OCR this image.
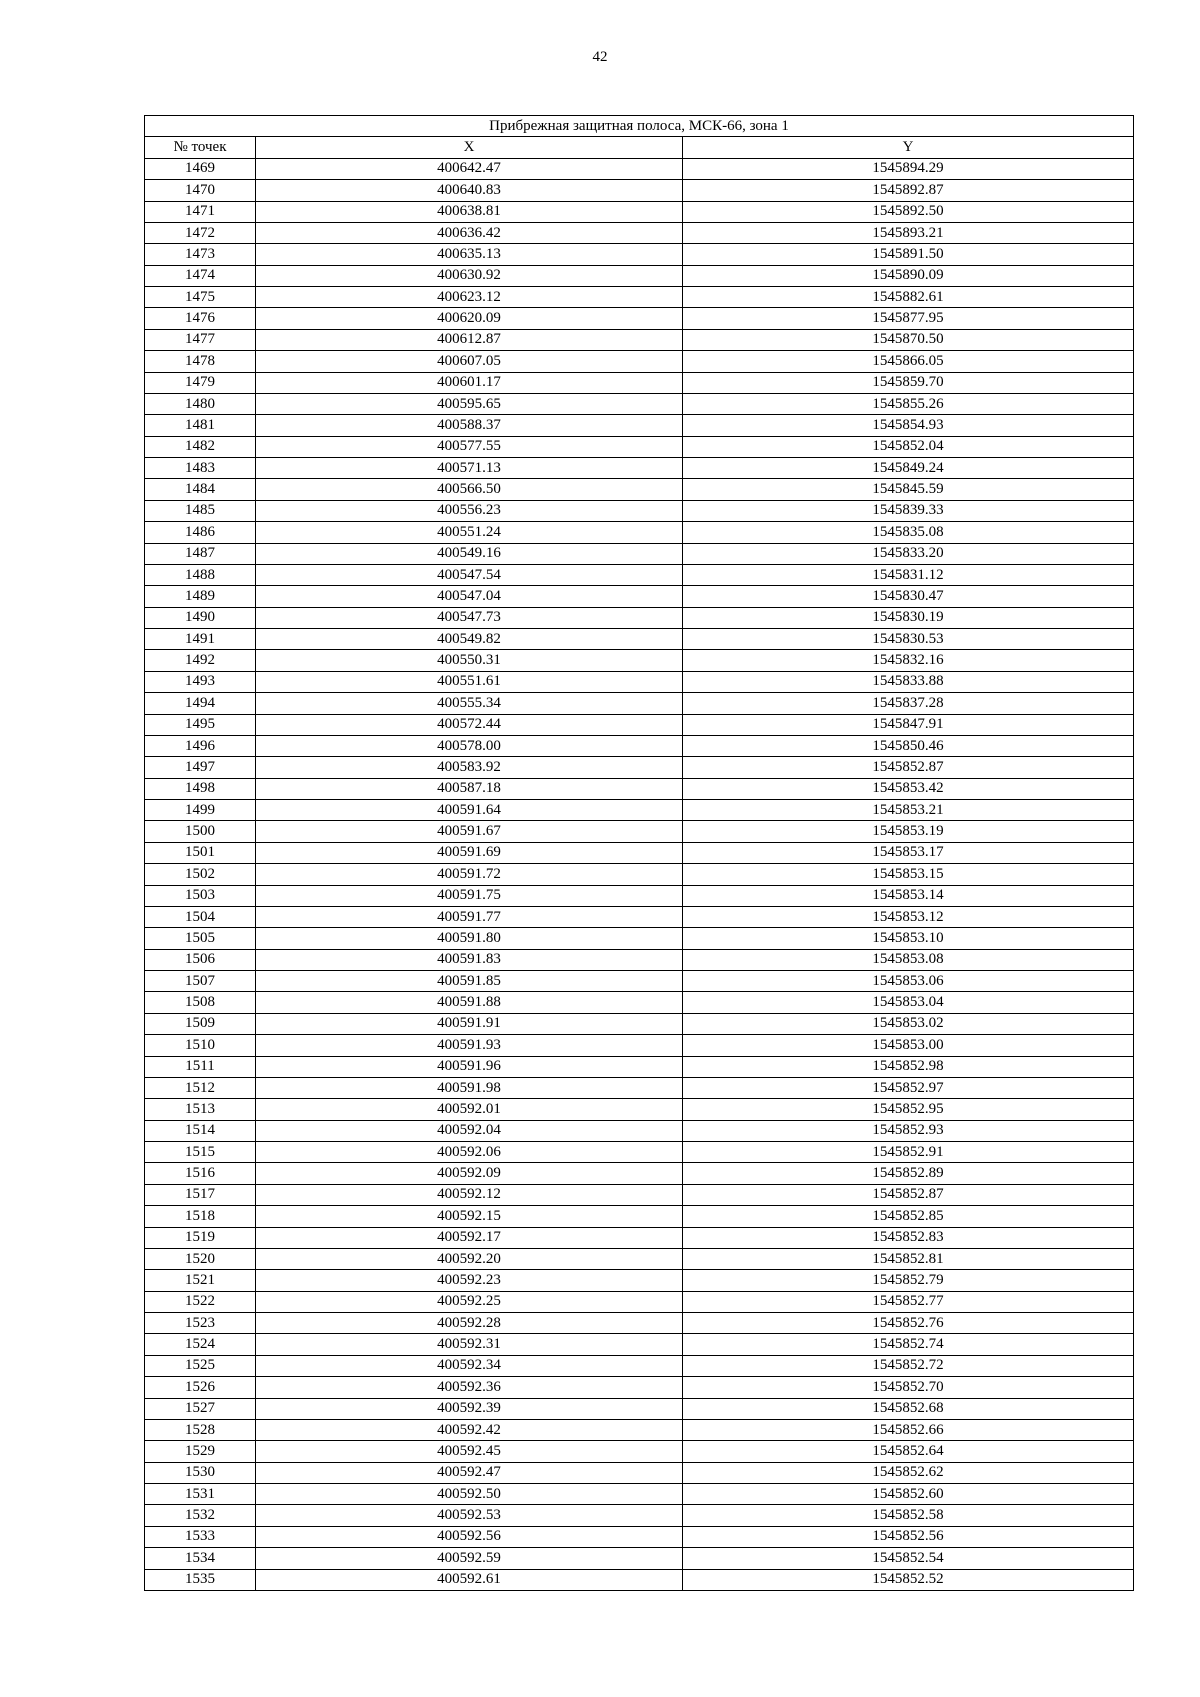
42
Прибрежная защитная полоса, МСК-66, зона 1		
№ точек	X	Y
1469	400642.47	1545894.29
1470	400640.83	1545892.87
1471	400638.81	1545892.50
1472	400636.42	1545893.21
1473	400635.13	1545891.50
1474	400630.92	1545890.09
1475	400623.12	1545882.61
1476	400620.09	1545877.95
1477	400612.87	1545870.50
1478	400607.05	1545866.05
1479	400601.17	1545859.70
1480	400595.65	1545855.26
1481	400588.37	1545854.93
1482	400577.55	1545852.04
1483	400571.13	1545849.24
1484	400566.50	1545845.59
1485	400556.23	1545839.33
1486	400551.24	1545835.08
1487	400549.16	1545833.20
1488	400547.54	1545831.12
1489	400547.04	1545830.47
1490	400547.73	1545830.19
1491	400549.82	1545830.53
1492	400550.31	1545832.16
1493	400551.61	1545833.88
1494	400555.34	1545837.28
1495	400572.44	1545847.91
1496	400578.00	1545850.46
1497	400583.92	1545852.87
1498	400587.18	1545853.42
1499	400591.64	1545853.21
1500	400591.67	1545853.19
1501	400591.69	1545853.17
1502	400591.72	1545853.15
1503	400591.75	1545853.14
1504	400591.77	1545853.12
1505	400591.80	1545853.10
1506	400591.83	1545853.08
1507	400591.85	1545853.06
1508	400591.88	1545853.04
1509	400591.91	1545853.02
1510	400591.93	1545853.00
1511	400591.96	1545852.98
1512	400591.98	1545852.97
1513	400592.01	1545852.95
1514	400592.04	1545852.93
1515	400592.06	1545852.91
1516	400592.09	1545852.89
1517	400592.12	1545852.87
1518	400592.15	1545852.85
1519	400592.17	1545852.83
1520	400592.20	1545852.81
1521	400592.23	1545852.79
1522	400592.25	1545852.77
1523	400592.28	1545852.76
1524	400592.31	1545852.74
1525	400592.34	1545852.72
1526	400592.36	1545852.70
1527	400592.39	1545852.68
1528	400592.42	1545852.66
1529	400592.45	1545852.64
1530	400592.47	1545852.62
1531	400592.50	1545852.60
1532	400592.53	1545852.58
1533	400592.56	1545852.56
1534	400592.59	1545852.54
1535	400592.61	1545852.52
